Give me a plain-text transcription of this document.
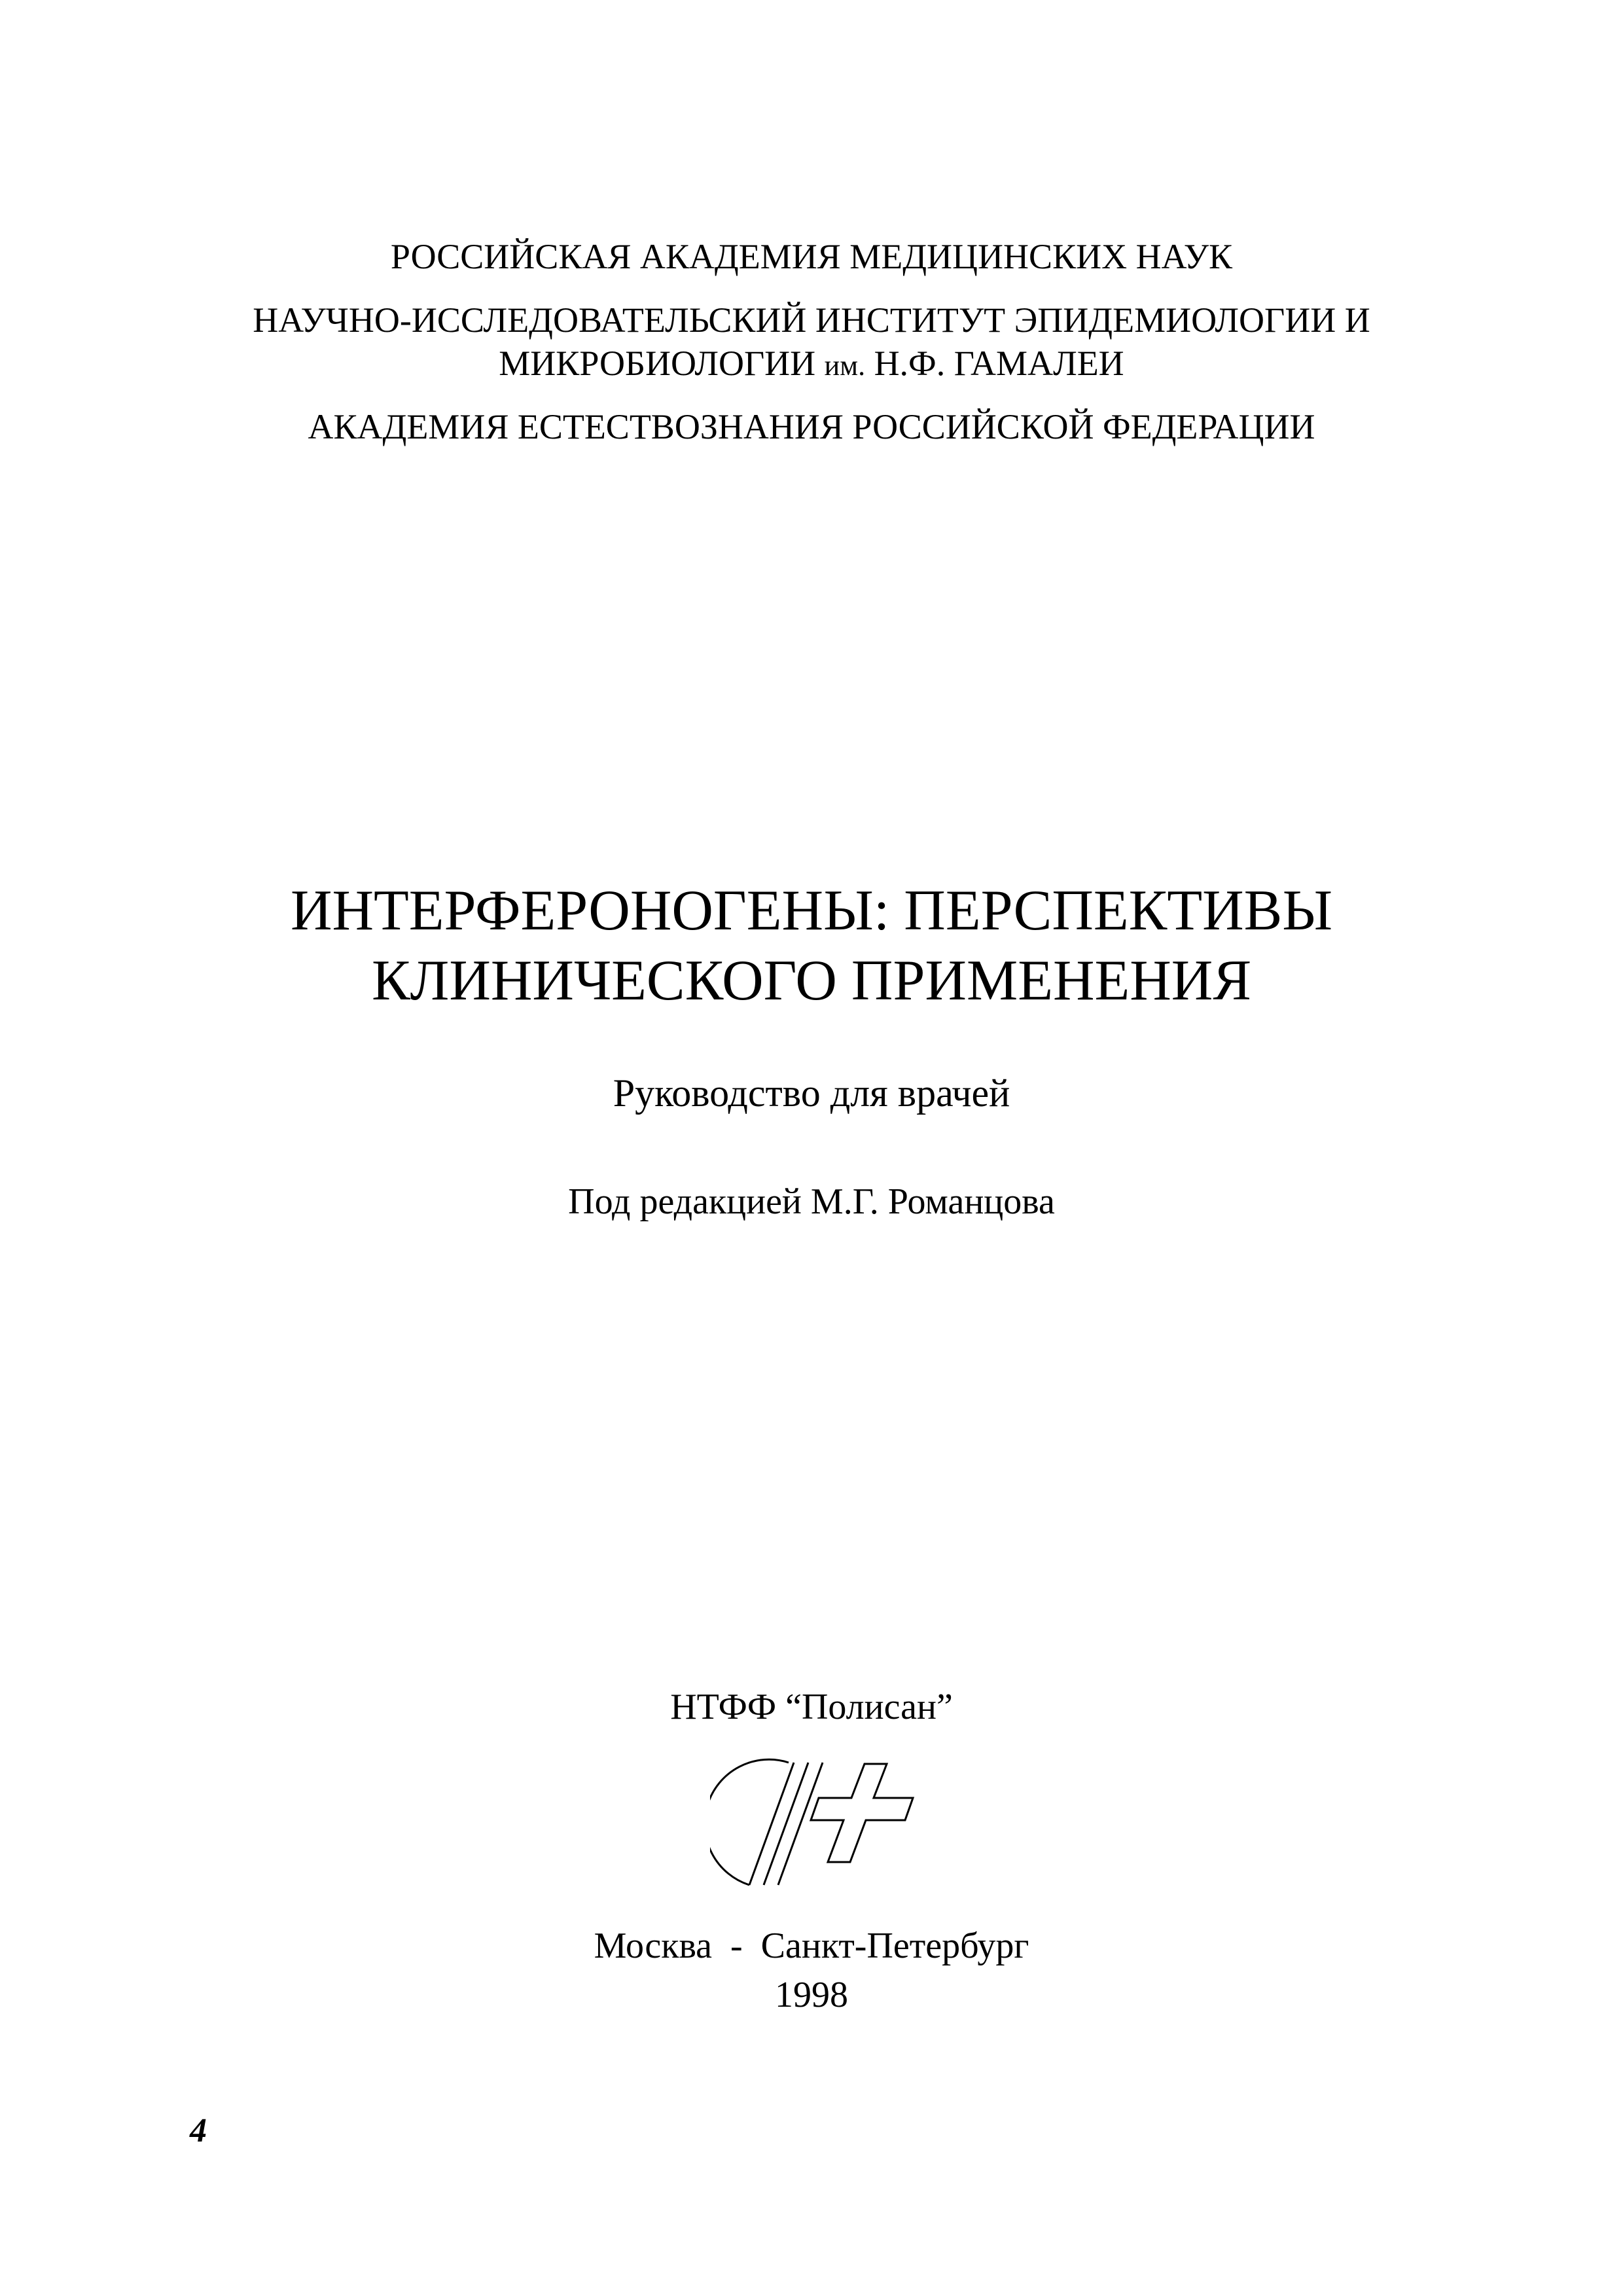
РОССИЙСКАЯ АКАДЕМИЯ МЕДИЦИНСКИХ НАУК
НАУЧНО-ИССЛЕДОВАТЕЛЬСКИЙ ИНСТИТУТ ЭПИДЕМИОЛОГИИ И
МИКРОБИОЛОГИИ им. Н.Ф. ГАМАЛЕИ
АКАДЕМИЯ ЕСТЕСТВОЗНАНИЯ РОССИЙСКОЙ ФЕДЕРАЦИИ
ИНТЕРФЕРОНОГЕНЫ: ПЕРСПЕКТИВЫ
КЛИНИЧЕСКОГО ПРИМЕНЕНИЯ
Руководство для врачей
Под редакцией М.Г. Романцова
НТФФ “Полисан”
Москва - Санкт-Петербург
1998
4
